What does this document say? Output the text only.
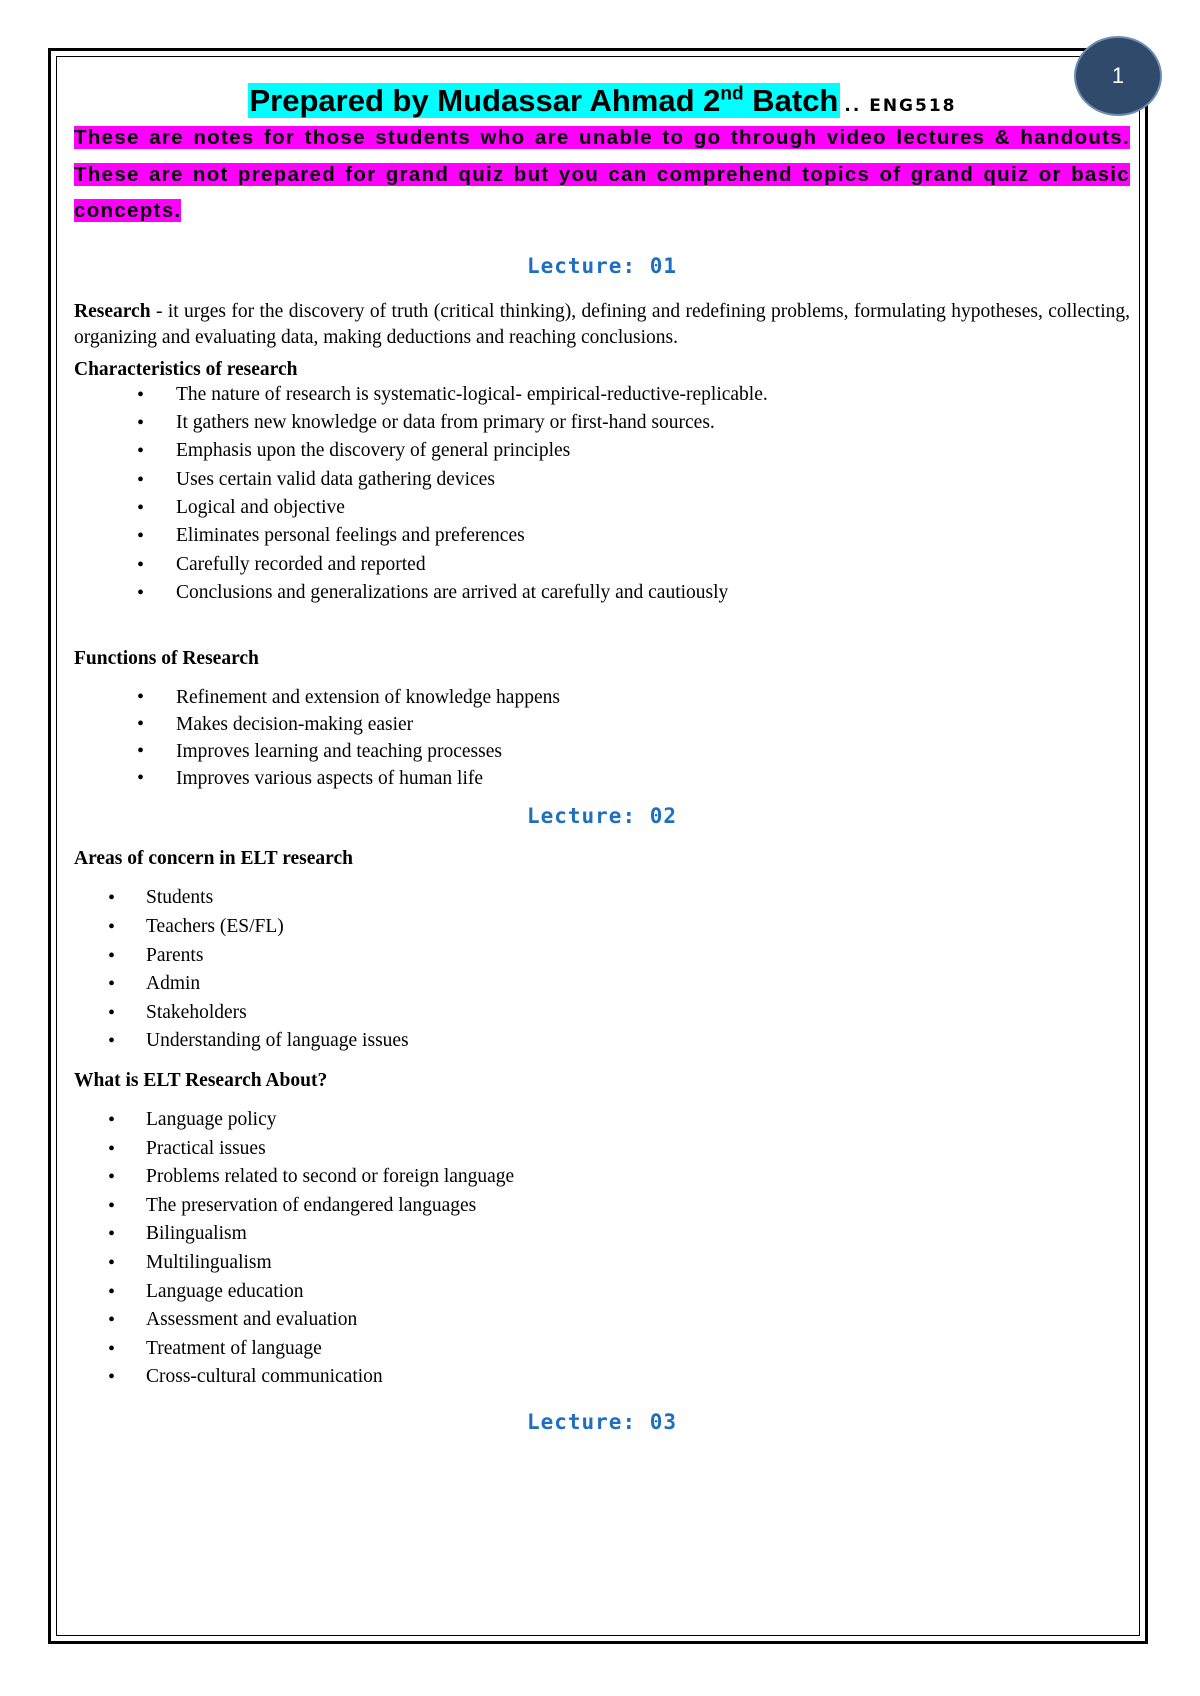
1

Prepared by Mudassar Ahmad 2nd Batch .. ENG518

These are notes for those students who are unable to go through video lectures & handouts. These are not prepared for grand quiz but you can comprehend topics of grand quiz or basic concepts.

Lecture: 01

Research - it urges for the discovery of truth (critical thinking), defining and redefining problems, formulating hypotheses, collecting, organizing and evaluating data, making deductions and reaching conclusions.

Characteristics of research

• The nature of research is systematic-logical- empirical-reductive-replicable.
• It gathers new knowledge or data from primary or first-hand sources.
• Emphasis upon the discovery of general principles
• Uses certain valid data gathering devices
• Logical and objective
• Eliminates personal feelings and preferences
• Carefully recorded and reported
• Conclusions and generalizations are arrived at carefully and cautiously

Functions of Research

• Refinement and extension of knowledge happens
• Makes decision-making easier
• Improves learning and teaching processes
• Improves various aspects of human life

Lecture: 02

Areas of concern in ELT research

• Students
• Teachers (ES/FL)
• Parents
• Admin
• Stakeholders
• Understanding of language issues

What is ELT Research About?

• Language policy
• Practical issues
• Problems related to second or foreign language
• The preservation of endangered languages
• Bilingualism
• Multilingualism
• Language education
• Assessment and evaluation
• Treatment of language
• Cross-cultural communication

Lecture: 03
